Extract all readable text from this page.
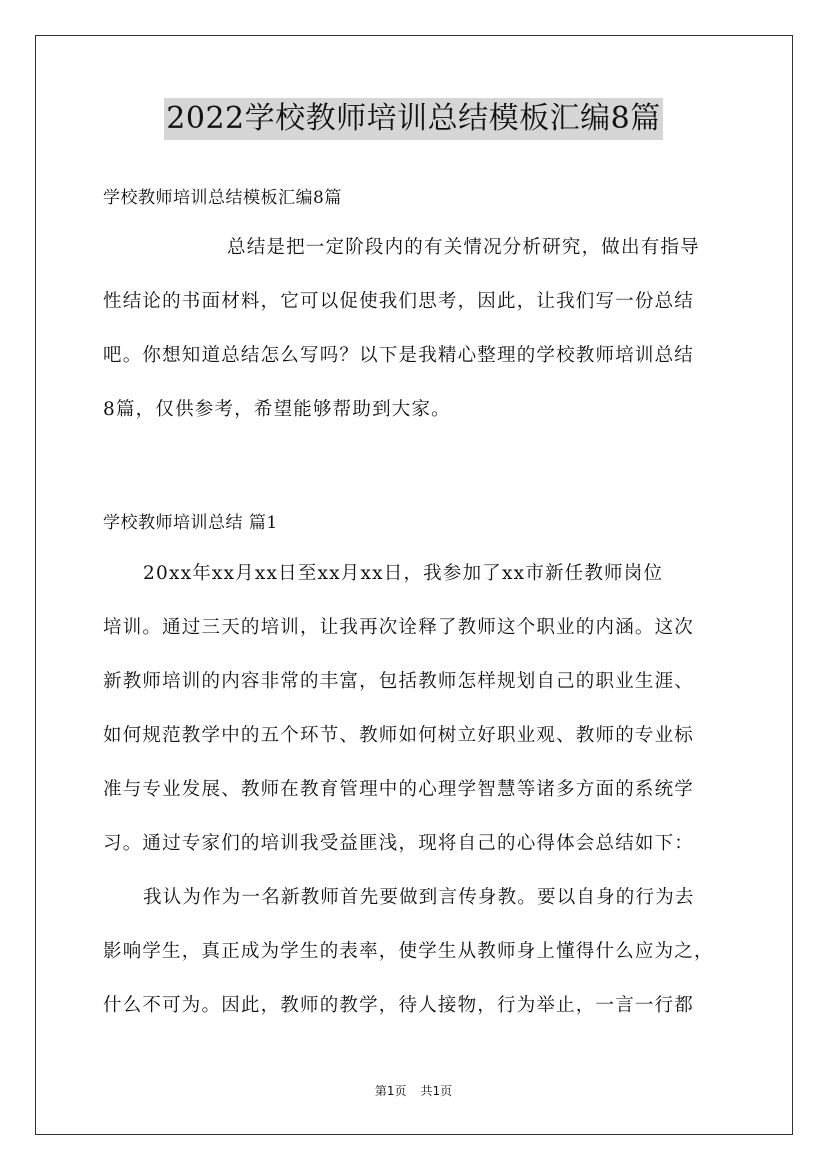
2022学校教师培训总结模板汇编8篇
学校教师培训总结模板汇编8篇
总结是把一定阶段内的有关情况分析研究，做出有指导
性结论的书面材料，它可以促使我们思考，因此，让我们写一份总结
吧。你想知道总结怎么写吗？以下是我精心整理的学校教师培训总结
8篇，仅供参考，希望能够帮助到大家。
学校教师培训总结 篇1
20xx年xx月xx日至xx月xx日，我参加了xx市新任教师岗位
培训。通过三天的培训，让我再次诠释了教师这个职业的内涵。这次
新教师培训的内容非常的丰富，包括教师怎样规划自己的职业生涯、
如何规范教学中的五个环节、教师如何树立好职业观、教师的专业标
准与专业发展、教师在教育管理中的心理学智慧等诸多方面的系统学
习。通过专家们的培训我受益匪浅，现将自己的心得体会总结如下：
我认为作为一名新教师首先要做到言传身教。要以自身的行为去
影响学生，真正成为学生的表率，使学生从教师身上懂得什么应为之，
什么不可为。因此，教师的教学，待人接物，行为举止，一言一行都
第1页 共1页
